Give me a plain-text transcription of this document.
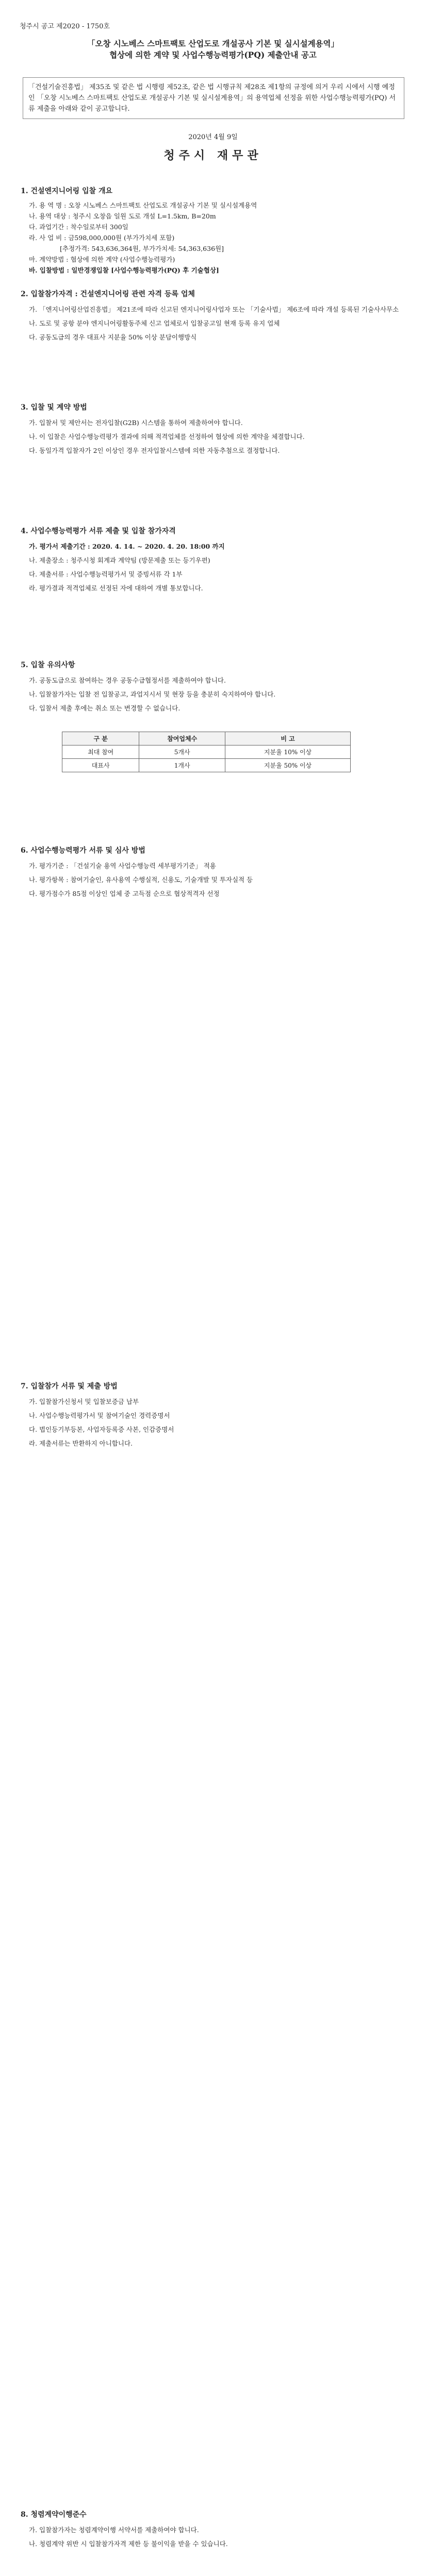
청주시 공고 제2020 - 1750호
「오창 시노베스 스마트팩토 산업도로 개설공사 기본 및 실시설계용역」
협상에 의한 계약 및 사업수행능력평가(PQ) 제출안내 공고
「건설기술진흥법」 제35조 및 같은 법 시행령 제52조, 같은 법 시행규칙 제28조 제1항의 규정에 의거 우리 시에서 시행 예정인 「오창 시노베스 스마트팩토 산업도로 개설공사 기본 및 실시설계용역」의 용역업체 선정을 위한 사업수행능력평가(PQ) 서류 제출을 아래와 같이 공고합니다.
2020년 4월 9일
청주시 재무관
1. 건설엔지니어링 입찰 개요
가. 용 역 명 : 오창 시노베스 스마트팩토 산업도로 개설공사 기본 및 실시설계용역
나. 용역 대상 : 청주시 오창읍 일원 도로 개설 L=1.5km, B=20m
다. 과업기간 : 착수일로부터 300일
라. 사 업 비 : 금598,000,000원 (부가가치세 포함)
[추정가격: 543,636,364원, 부가가치세: 54,363,636원]
마. 계약방법 : 협상에 의한 계약 (사업수행능력평가)
바. 입찰방법 : 일반경쟁입찰 [사업수행능력평가(PQ) 후 기술협상]
2. 입찰참가자격 : 건설엔지니어링 관련 자격 등록 업체
가. 「엔지니어링산업진흥법」 제21조에 따라 신고된 엔지니어링사업자 또는 「기술사법」 제6조에 따라 개설 등록된 기술사사무소
나. 도로 및 공항 분야 엔지니어링활동주체 신고 업체로서 입찰공고일 현재 등록 유지 업체
다. 공동도급의 경우 대표사 지분율 50% 이상 분담이행방식
3. 입찰 및 계약 방법
가. 입찰서 및 제안서는 전자입찰(G2B) 시스템을 통하여 제출하여야 합니다.
나. 이 입찰은 사업수행능력평가 결과에 의해 적격업체를 선정하여 협상에 의한 계약을 체결합니다.
다. 동일가격 입찰자가 2인 이상인 경우 전자입찰시스템에 의한 자동추첨으로 결정합니다.
4. 사업수행능력평가 서류 제출 및 입찰 참가자격
가. 평가서 제출기간 : 2020. 4. 14. ~ 2020. 4. 20. 18:00 까지
나. 제출장소 : 청주시청 회계과 계약팀 (방문제출 또는 등기우편)
다. 제출서류 : 사업수행능력평가서 및 증빙서류 각 1부
라. 평가결과 적격업체로 선정된 자에 대하여 개별 통보합니다.
5. 입찰 유의사항
가. 공동도급으로 참여하는 경우 공동수급협정서를 제출하여야 합니다.
나. 입찰참가자는 입찰 전 입찰공고, 과업지시서 및 현장 등을 충분히 숙지하여야 합니다.
다. 입찰서 제출 후에는 취소 또는 변경할 수 없습니다.
구 분	참여업체수	비 고
최대 참여	5개사	지분율 10% 이상
대표사	1개사	지분율 50% 이상
6. 사업수행능력평가 서류 및 심사 방법
가. 평가기준 : 「건설기술 용역 사업수행능력 세부평가기준」 적용
나. 평가항목 : 참여기술인, 유사용역 수행실적, 신용도, 기술개발 및 투자실적 등
다. 평가점수가 85점 이상인 업체 중 고득점 순으로 협상적격자 선정
7. 입찰참가 서류 및 제출 방법
가. 입찰참가신청서 및 입찰보증금 납부
나. 사업수행능력평가서 및 참여기술인 경력증명서
다. 법인등기부등본, 사업자등록증 사본, 인감증명서
라. 제출서류는 반환하지 아니합니다.
8. 청렴계약이행준수
가. 입찰참가자는 청렴계약이행 서약서를 제출하여야 합니다.
나. 청렴계약 위반 시 입찰참가자격 제한 등 불이익을 받을 수 있습니다.
